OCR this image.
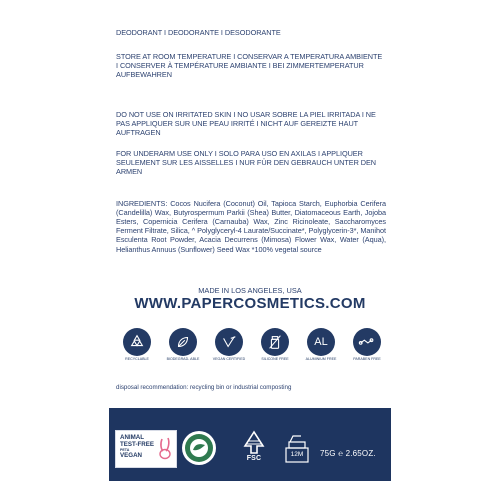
DEODORANT I DEODORANTE I DESODORANTE
STORE AT ROOM TEMPERATURE I CONSERVAR A TEMPERATURA AMBIENTE I CONSERVER À TEMPÉRATURE AMBIANTE I BEI ZIMMERTEMPERATUR AUFBEWAHREN
DO NOT USE ON IRRITATED SKIN I NO USAR SOBRE LA PIEL IRRITADA I NE PAS APPLIQUER SUR UNE PEAU IRRITÉ I NICHT AUF GEREIZTE HAUT AUFTRAGEN
FOR UNDERARM USE ONLY I SOLO PARA USO EN AXILAS I APPLIQUER SEULEMENT SUR LES AISSELLES I NUR FÜR DEN GEBRAUCH UNTER DEN ARMEN
INGREDIENTS: Cocos Nucifera (Coconut) Oil, Tapioca Starch, Euphorbia Cerifera (Candelilla) Wax, Butyrospermum Parkii (Shea) Butter, Diatomaceous Earth, Jojoba Esters, Copernicia Cerifera (Carnauba) Wax, Zinc Ricinoleate, Saccharomyces Ferment Filtrate, Silica, ^ Polyglyceryl-4 Laurate/Succinate*, Polyglycerin-3*, Manihot Esculenta Root Powder, Acacia Decurrens (Mimosa) Flower Wax, Water (Aqua), Helianthus Annuus (Sunflower) Seed Wax *100% vegetal source
MADE IN LOS ANGELES, USA
WWW.PAPERCOSMETICS.COM
RECYCLABLE	BIODEGRAD- ABLE	VEGAN CERTIFIED	SILICONE FREE
AL
ALUMINIUM FREE	PARABEN FREE
disposal recommendation: recycling bin or industrial composting
ANIMAL
TEST-FREE
PETA
VEGAN	FSC
12M	75G ℮ 2.65OZ.
